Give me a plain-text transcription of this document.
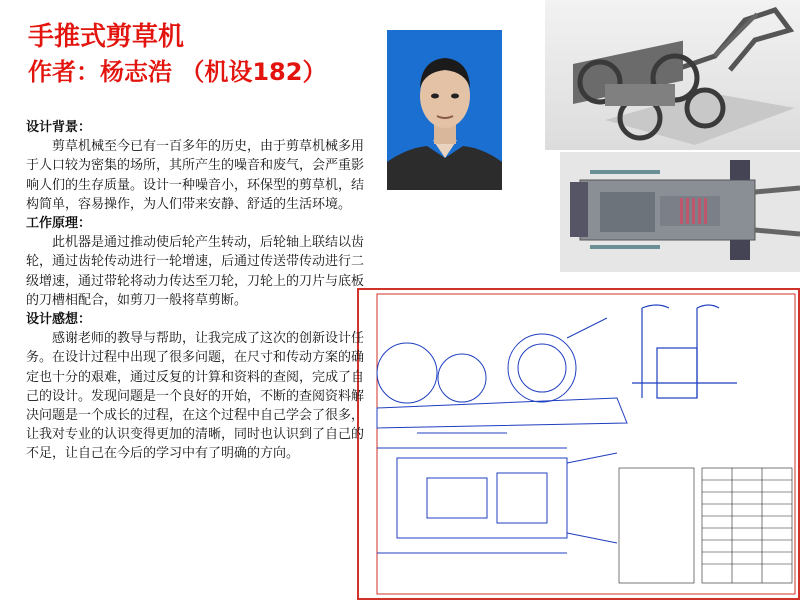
手推式剪草机
作者：杨志浩 （机设182）
设计背景：

剪草机械至今已有一百多年的历史，由于剪草机械多用于人口较为密集的场所，其所产生的噪音和废气，会严重影响人们的生存质量。设计一种噪音小，环保型的剪草机，结构简单，容易操作，为人们带来安静、舒适的生活环境。

工作原理：

此机器是通过推动使后轮产生转动，后轮轴上联结以齿轮，通过齿轮传动进行一轮增速，后通过传送带传动进行二级增速，通过带轮将动力传达至刀轮，刀轮上的刀片与底板的刀槽相配合，如剪刀一般将草剪断。

设计感想：

感谢老师的教导与帮助，让我完成了这次的创新设计任务。在设计过程中出现了很多问题，在尺寸和传动方案的确定也十分的艰难，通过反复的计算和资料的查阅，完成了自己的设计。发现问题是一个良好的开始，不断的查阅资料解决问题是一个成长的过程，在这个过程中自己学会了很多，让我对专业的认识变得更加的清晰，同时也认识到了自己的不足，让自己在今后的学习中有了明确的方向。
